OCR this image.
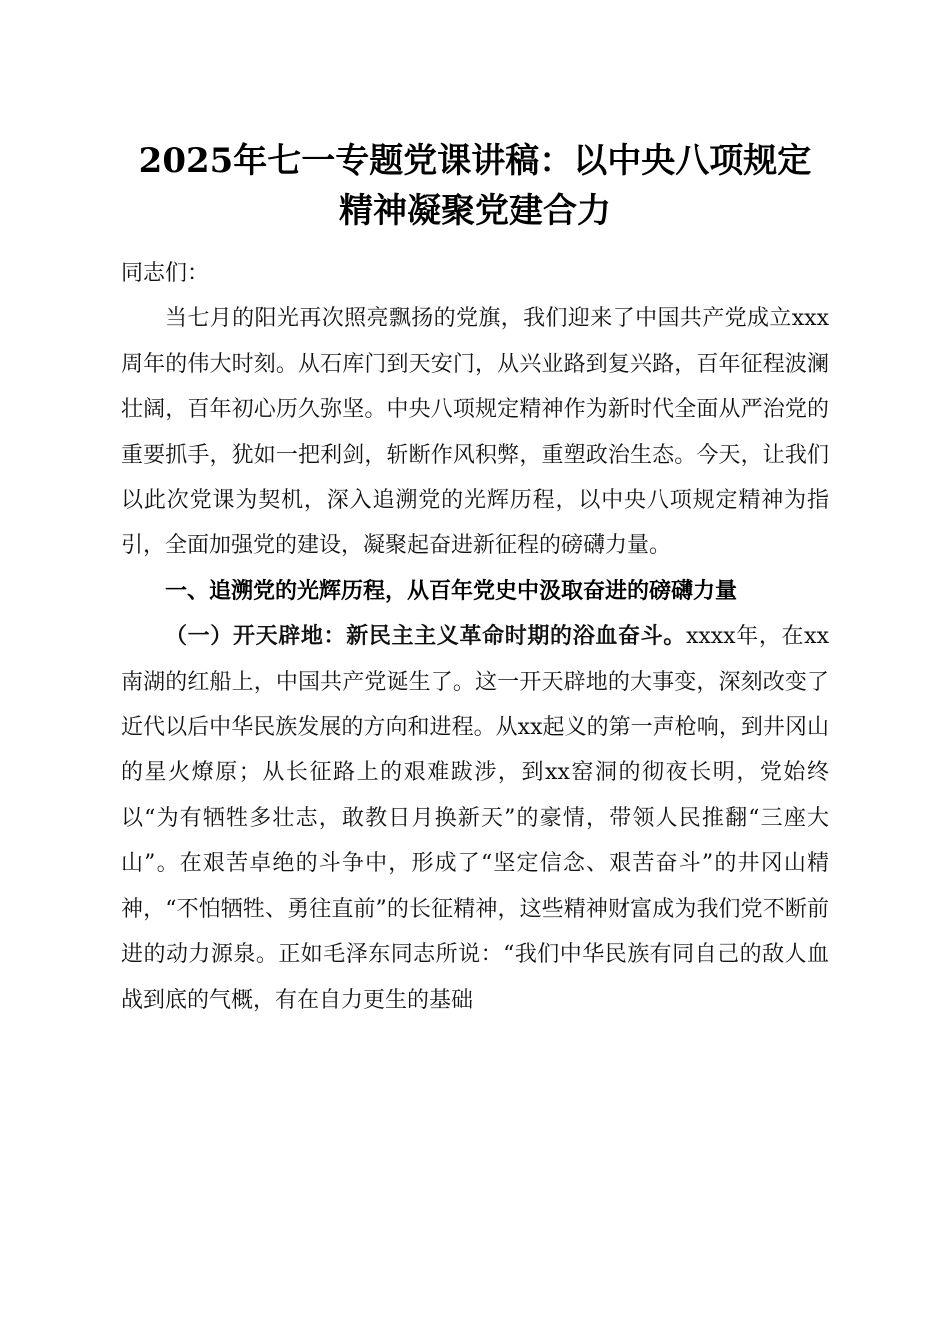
2025年七一专题党课讲稿：以中央八项规定
精神凝聚党建合力

同志们：

当七月的阳光再次照亮飘扬的党旗，我们迎来了中国共产党成立xxx周年的伟大时刻。从石库门到天安门，从兴业路到复兴路，百年征程波澜壮阔，百年初心历久弥坚。中央八项规定精神作为新时代全面从严治党的重要抓手，犹如一把利剑，斩断作风积弊，重塑政治生态。今天，让我们以此次党课为契机，深入追溯党的光辉历程，以中央八项规定精神为指引，全面加强党的建设，凝聚起奋进新征程的磅礴力量。

一、追溯党的光辉历程，从百年党史中汲取奋进的磅礴力量

（一）开天辟地：新民主主义革命时期的浴血奋斗。xxxx年，在xx南湖的红船上，中国共产党诞生了。这一开天辟地的大事变，深刻改变了近代以后中华民族发展的方向和进程。从xx起义的第一声枪响，到井冈山的星火燎原；从长征路上的艰难跋涉，到xx窑洞的彻夜长明，党始终以“为有牺牲多壮志，敢教日月换新天”的豪情，带领人民推翻“三座大山”。在艰苦卓绝的斗争中，形成了“坚定信念、艰苦奋斗”的井冈山精神，“不怕牺牲、勇往直前”的长征精神，这些精神财富成为我们党不断前进的动力源泉。正如毛泽东同志所说：“我们中华民族有同自己的敌人血战到底的气概，有在自力更生的基础
